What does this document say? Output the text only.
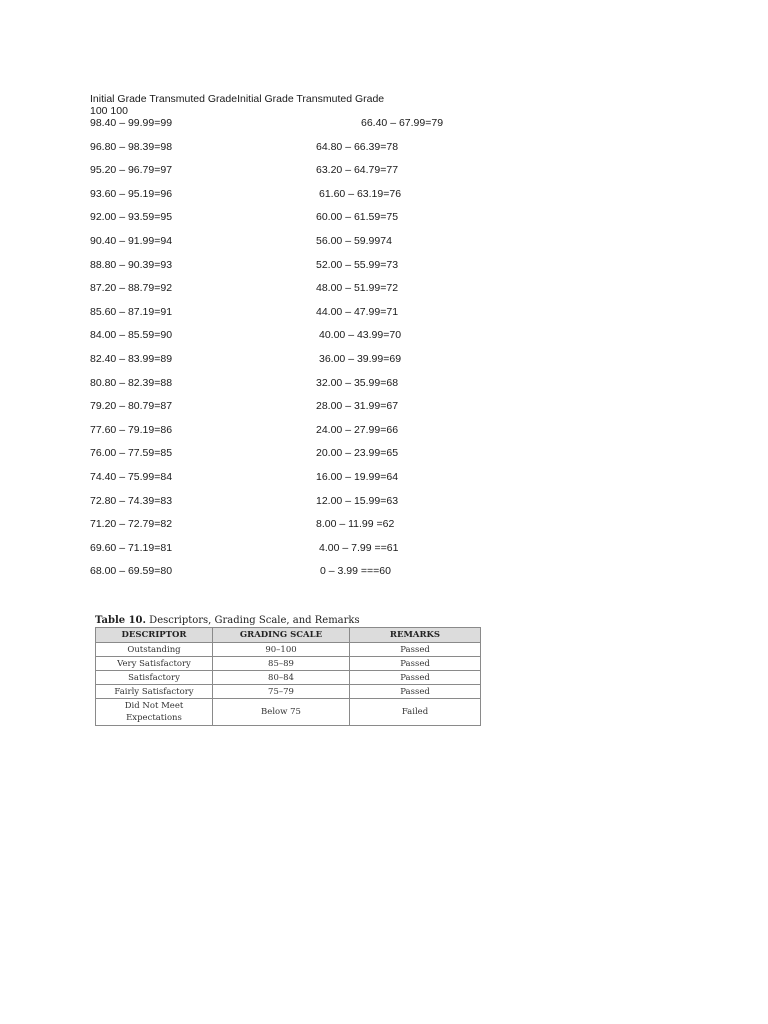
Initial Grade Transmuted GradeInitial Grade Transmuted Grade
100 100
98.40 – 99.99=99	66.40 – 67.99=79
96.80 – 98.39=98	64.80 – 66.39=78
95.20 – 96.79=97	63.20 – 64.79=77
93.60 – 95.19=96	61.60 – 63.19=76
92.00 – 93.59=95	60.00 – 61.59=75
90.40 – 91.99=94	56.00 – 59.9974
88.80 – 90.39=93	52.00 – 55.99=73
87.20 – 88.79=92	48.00 – 51.99=72
85.60 – 87.19=91	44.00 – 47.99=71
84.00 – 85.59=90	40.00 – 43.99=70
82.40 – 83.99=89	36.00 – 39.99=69
80.80 – 82.39=88	32.00 – 35.99=68
79.20 – 80.79=87	28.00 – 31.99=67
77.60 – 79.19=86	24.00 – 27.99=66
76.00 – 77.59=85	20.00 – 23.99=65
74.40 – 75.99=84	16.00 – 19.99=64
72.80 – 74.39=83	12.00 – 15.99=63
71.20 – 72.79=82	8.00 – 11.99 =62
69.60 – 71.19=81	4.00 – 7.99 ==61
68.00 – 69.59=80	0 – 3.99 ===60
Table 10. Descriptors, Grading Scale, and Remarks
DESCRIPTOR	GRADING SCALE	REMARKS
Outstanding	90–100	Passed
Very Satisfactory	85–89	Passed
Satisfactory	80–84	Passed
Fairly Satisfactory	75–79	Passed
Did Not Meet
Expectations	Below 75	Failed
